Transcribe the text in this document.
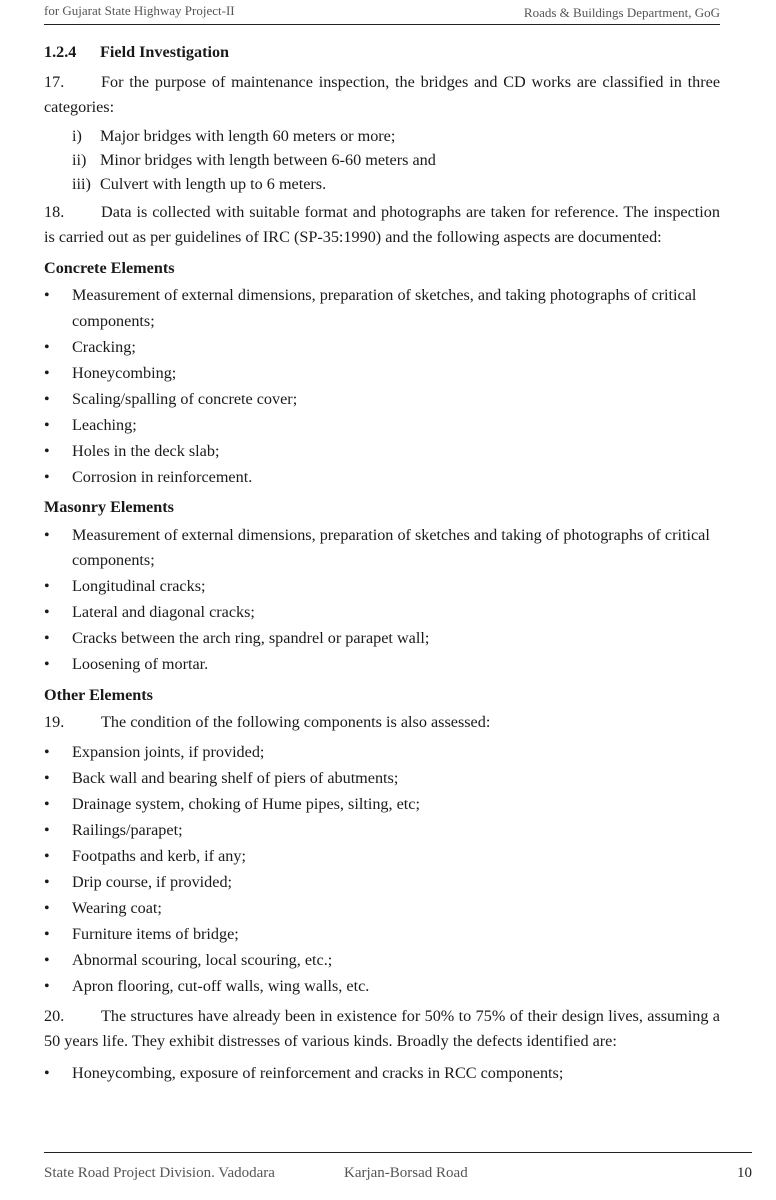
for Gujarat State Highway Project-II	Roads & Buildings Department, GoG
1.2.4 Field Investigation

17. For the purpose of maintenance inspection, the bridges and CD works are classified in three categories:

i)	Major bridges with length 60 meters or more;
ii) Minor bridges with length between 6-60 meters and
iii) Culvert with length up to 6 meters.

18. Data is collected with suitable format and photographs are taken for reference. The inspection is carried out as per guidelines of IRC (SP-35:1990) and the following aspects are documented:

Concrete Elements
• Measurement of external dimensions, preparation of sketches, and taking photographs of critical components;
• Cracking;
• Honeycombing;
• Scaling/spalling of concrete cover;
• Leaching;
• Holes in the deck slab;
• Corrosion in reinforcement.
Masonry Elements
• Measurement of external dimensions, preparation of sketches and taking of photographs of critical components;
• Longitudinal cracks;
• Lateral and diagonal cracks;
• Cracks between the arch ring, spandrel or parapet wall;
• Loosening of mortar.
Other Elements

19. The condition of the following components is also assessed:

• Expansion joints, if provided;
• Back wall and bearing shelf of piers of abutments;
• Drainage system, choking of Hume pipes, silting, etc;
• Railings/parapet;
• Footpaths and kerb, if any;
• Drip course, if provided;
• Wearing coat;
• Furniture items of bridge;
• Abnormal scouring, local scouring, etc.;
• Apron flooring, cut-off walls, wing walls, etc.

20. The structures have already been in existence for 50% to 75% of their design lives, assuming a 50 years life. They exhibit distresses of various kinds. Broadly the defects identified are:

• Honeycombing, exposure of reinforcement and cracks in RCC components;
State Road Project Division. Vadodara	Karjan-Borsad Road	10
